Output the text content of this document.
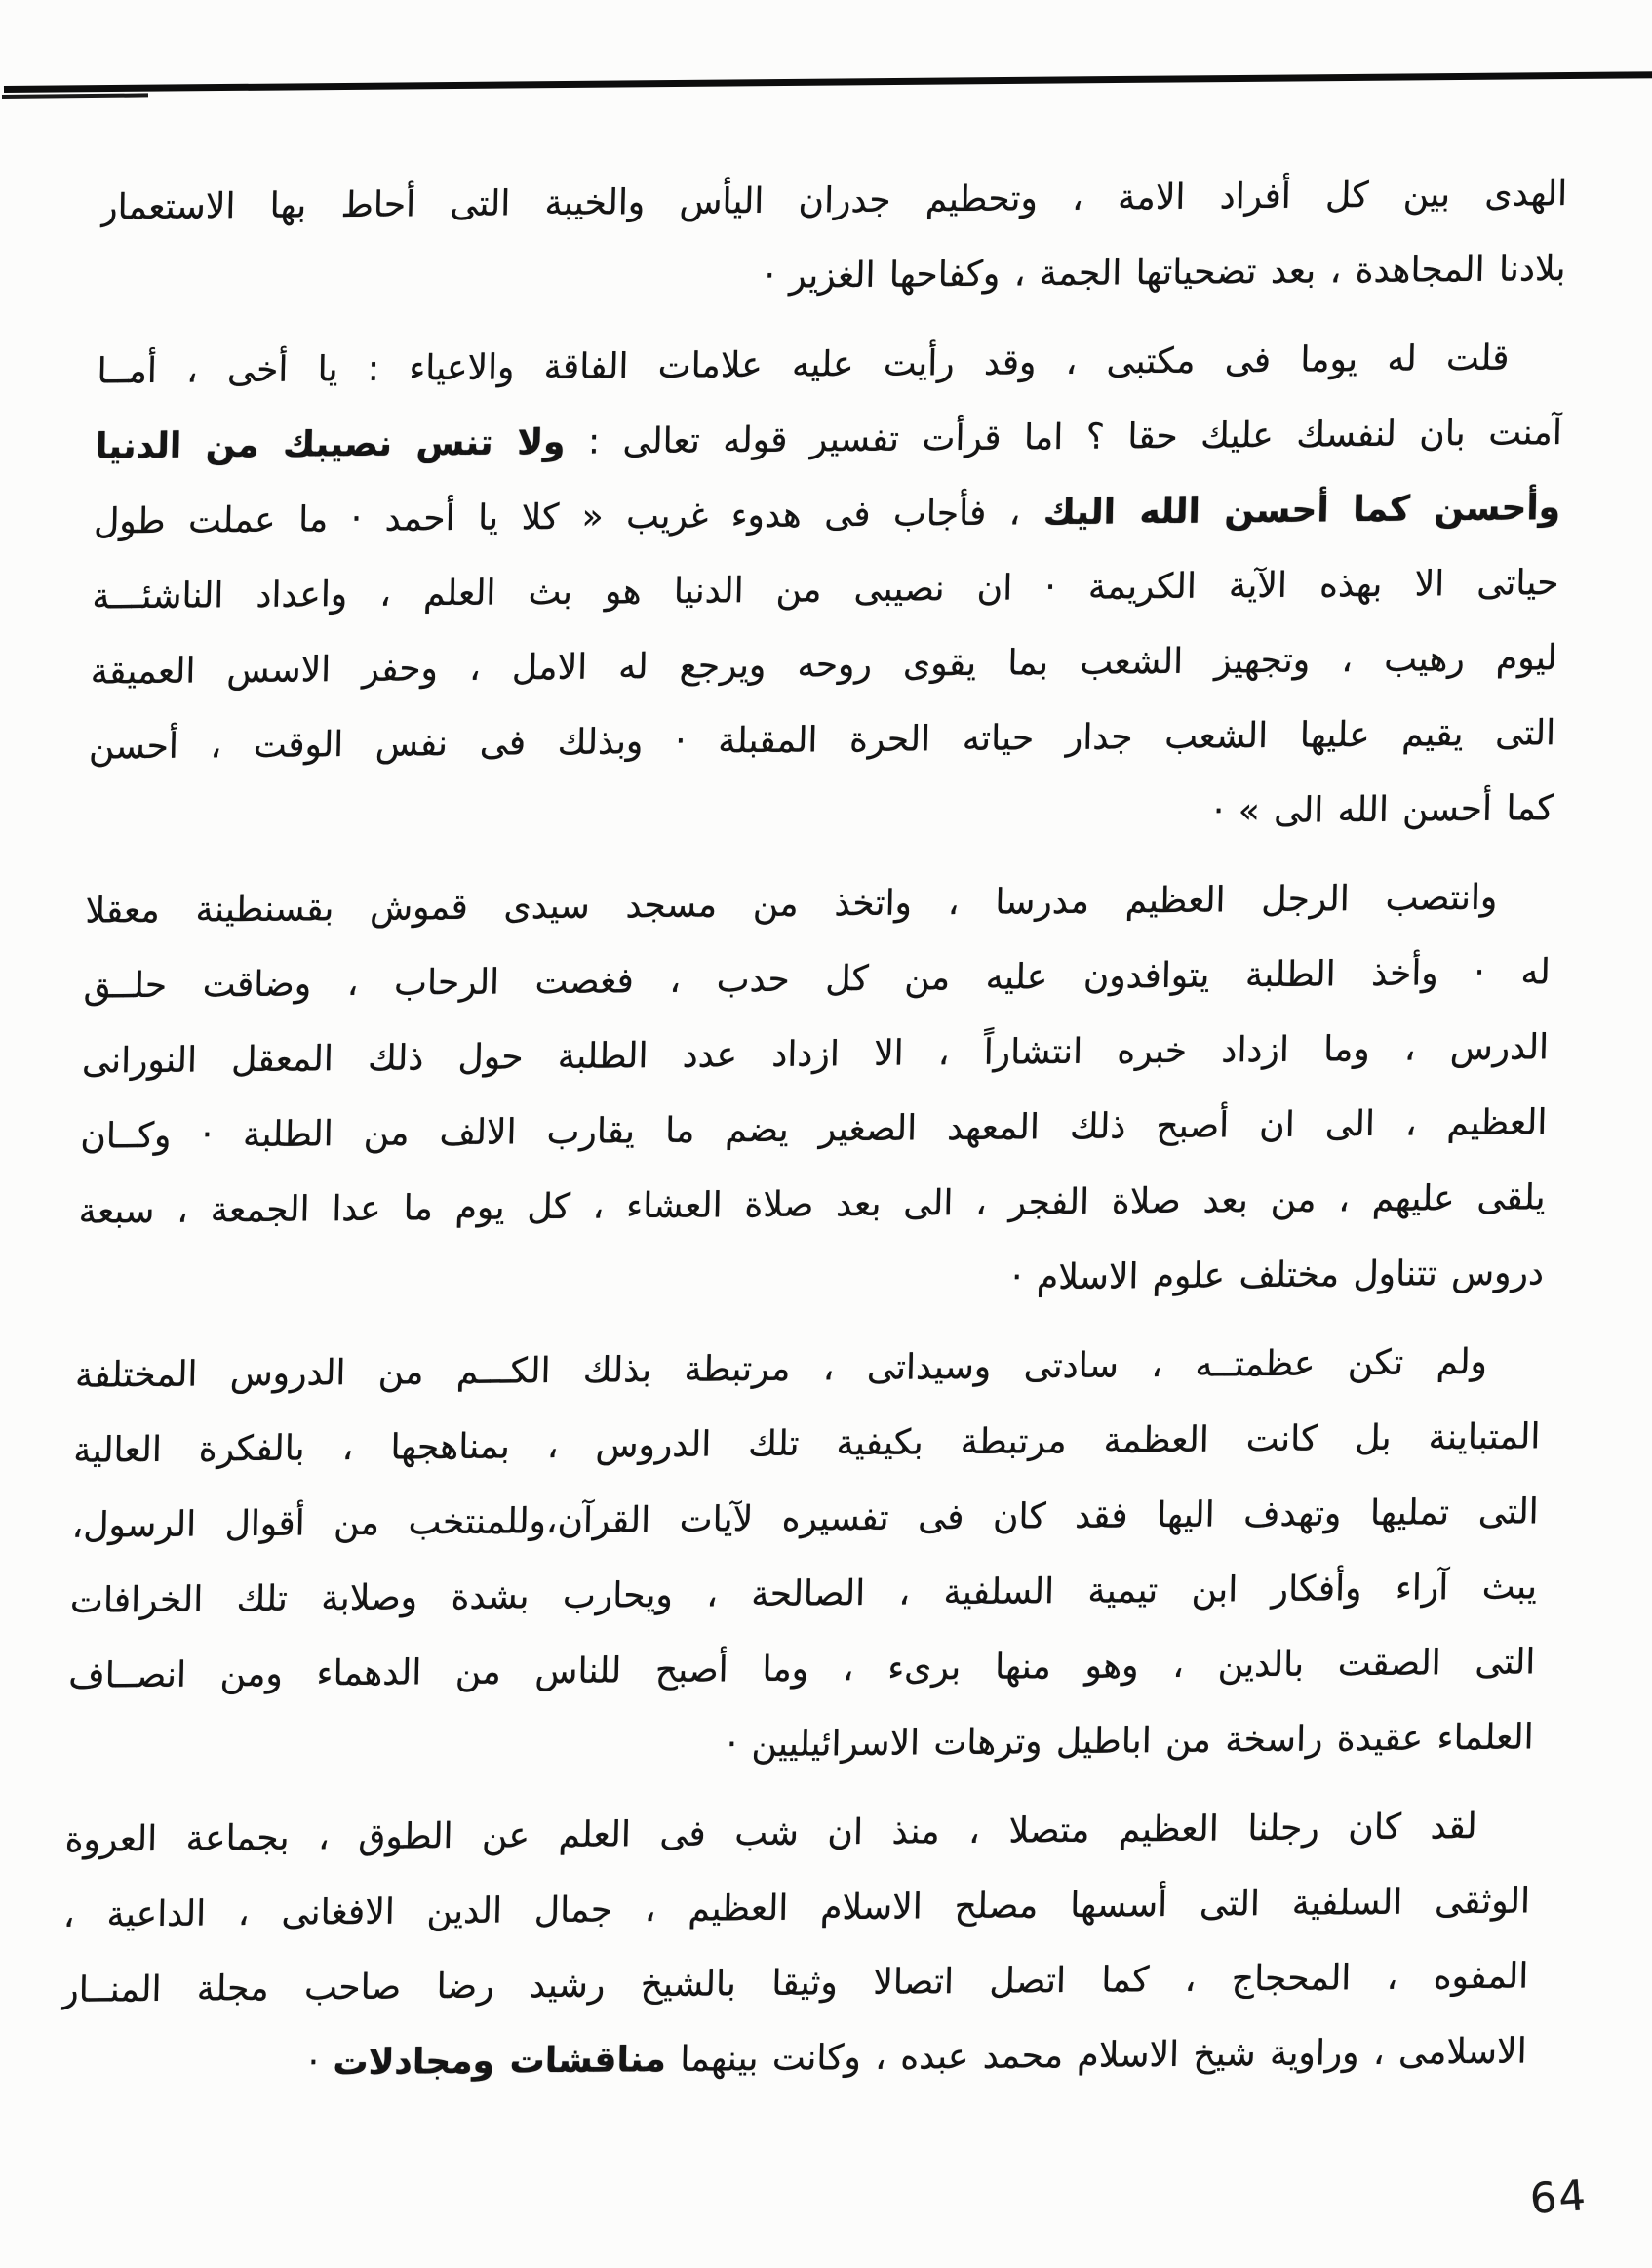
الهدى بين كل أفراد الامة ، وتحطيم جدران اليأس والخيبة التى أحاط بها الاستعمار
بلادنا المجاهدة ، بعد تضحياتها الجمة ، وكفاحها الغزير ·
قلت له يوما فى مكتبى ، وقد رأيت عليه علامات الفاقة والاعياء : يا أخى ، أمــا
آمنت بان لنفسك عليك حقا ؟ اما قرأت تفسير قوله تعالى : ولا تنس نصيبك من الدنيا
وأحسن كما أحسن الله اليك ، فأجاب فى هدوء غريب « كلا يا أحمد · ما عملت طول
حياتى الا بهذه الآية الكريمة · ان نصيبى من الدنيا هو بث العلم ، واعداد الناشئـــة
ليوم رهيب ، وتجهيز الشعب بما يقوى روحه ويرجع له الامل ، وحفر الاسس العميقة
التى يقيم عليها الشعب جدار حياته الحرة المقبلة · وبذلك فى نفس الوقت ، أحسن
كما أحسن الله الى » ·
وانتصب الرجل العظيم مدرسا ، واتخذ من مسجد سيدى قموش بقسنطينة معقلا
له · وأخذ الطلبة يتوافدون عليه من كل حدب ، فغصت الرحاب ، وضاقت حلــق
الدرس ، وما ازداد خبره انتشاراً ، الا ازداد عدد الطلبة حول ذلك المعقل النورانى
العظيم ، الى ان أصبح ذلك المعهد الصغير يضم ما يقارب الالف من الطلبة · وكــان
يلقى عليهم ، من بعد صلاة الفجر ، الى بعد صلاة العشاء ، كل يوم ما عدا الجمعة ، سبعة
دروس تتناول مختلف علوم الاسلام ·
ولم تكن عظمتــه ، سادتى وسيداتى ، مرتبطة بذلك الكـــم من الدروس المختلفة
المتباينة بل كانت العظمة مرتبطة بكيفية تلك الدروس ، بمناهجها ، بالفكرة العالية
التى تمليها وتهدف اليها فقد كان فى تفسيره لآيات القرآن،وللمنتخب من أقوال الرسول،
يبث آراء وأفكار ابن تيمية السلفية ، الصالحة ، ويحارب بشدة وصلابة تلك الخرافات
التى الصقت بالدين ، وهو منها برىء ، وما أصبح للناس من الدهماء ومن انصــاف
العلماء عقيدة راسخة من اباطيل وترهات الاسرائيليين ·
لقد كان رجلنا العظيم متصلا ، منذ ان شب فى العلم عن الطوق ، بجماعة العروة
الوثقى السلفية التى أسسها مصلح الاسلام العظيم ، جمال الدين الافغانى ، الداعية ،
المفوه ، المحجاج ، كما اتصل اتصالا وثيقا بالشيخ رشيد رضا صاحب مجلة المنــار
الاسلامى ، وراوية شيخ الاسلام محمد عبده ، وكانت بينهما مناقشات ومجادلات ·
64
